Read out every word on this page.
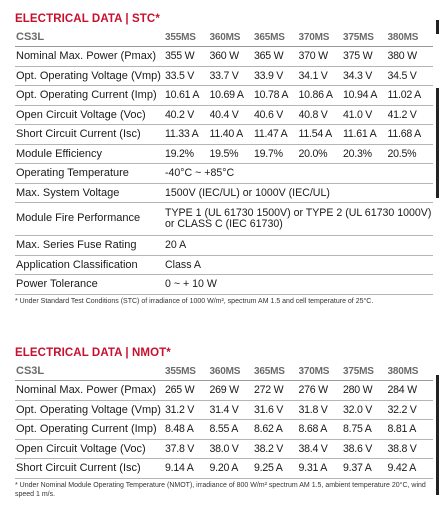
ELECTRICAL DATA | STC*
CS3L	355MS	360MS	365MS	370MS	375MS	380MS
Nominal Max. Power (Pmax)	355 W	360 W	365 W	370 W	375 W	380 W
Opt. Operating Voltage (Vmp)	33.5 V	33.7 V	33.9 V	34.1 V	34.3 V	34.5 V
Opt. Operating Current (Imp)	10.61 A	10.69 A	10.78 A	10.86 A	10.94 A	11.02 A
Open Circuit Voltage (Voc)	40.2 V	40.4 V	40.6 V	40.8 V	41.0 V	41.2 V
Short Circuit Current (Isc)	11.33 A	11.40 A	11.47 A	11.54 A	11.61 A	11.68 A
Module Efficiency	19.2%	19.5%	19.7%	20.0%	20.3%	20.5%
Operating Temperature	-40°C ~ +85°C					
Max. System Voltage	1500V (IEC/UL) or 1000V (IEC/UL)					
Module Fire Performance	TYPE 1 (UL 61730 1500V) or TYPE 2 (UL 61730 1000V) or CLASS C (IEC 61730)					
Max. Series Fuse Rating	20 A					
Application Classification	Class A					
Power Tolerance	0 ~ + 10 W					
* Under Standard Test Conditions (STC) of irradiance of 1000 W/m², spectrum AM 1.5 and cell temperature of 25°C.
ELECTRICAL DATA | NMOT*
CS3L	355MS	360MS	365MS	370MS	375MS	380MS
Nominal Max. Power (Pmax)	265 W	269 W	272 W	276 W	280 W	284 W
Opt. Operating Voltage (Vmp)	31.2 V	31.4 V	31.6 V	31.8 V	32.0 V	32.2 V
Opt. Operating Current (Imp)	8.48 A	8.55 A	8.62 A	8.68 A	8.75 A	8.81 A
Open Circuit Voltage (Voc)	37.8 V	38.0 V	38.2 V	38.4 V	38.6 V	38.8 V
Short Circuit Current (Isc)	9.14 A	9.20 A	9.25 A	9.31 A	9.37 A	9.42 A
* Under Nominal Module Operating Temperature (NMOT), irradiance of 800 W/m² spectrum AM 1.5, ambient temperature 20°C, wind speed 1 m/s.
